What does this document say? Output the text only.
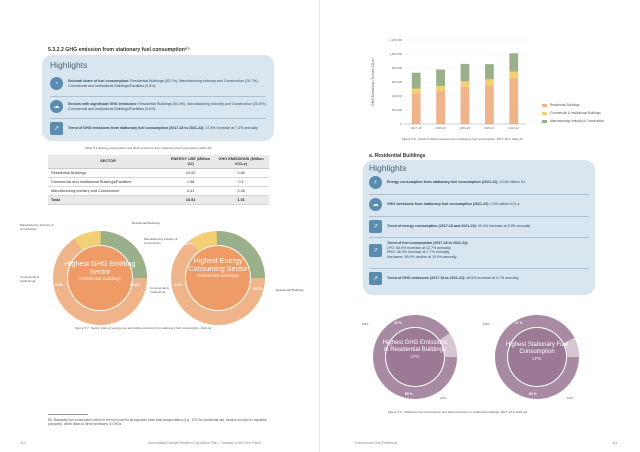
5.3.2.2 GHG emission from stationary fuel consumption⁸⁵
Highlights
◔	Sectoral share of fuel consumption: Residential Buildings (63.7%), Manufacturing Industry and Construction (26.7%), Commercial and Institutional Buildings/Facilities (9.6%)
☁
Sectors with significant GHG emissions: Residential Buildings (64.4%), Manufacturing Industry and Construction (25.8%), Commercial and Institutional Buildings/Facilities (9.6%)
↗	Trend of GHG emissions from stationary fuel consumption (2017-18 to 2021-22): 37.8% increase at 7.4% annually
Table 5.4: Energy consumption and GHG emissions from stationary fuel consumption (2021-22)
SECTOR	ENERGY USE (Million GJ)	GHG EMISSIONS (Million tCO₂e)
Residential Buildings	10.52	0.65
Commercial and Institutional Buildings/Facilities	1.58	0.1
Manufacturing Industry and Construction	4.41	0.26
Total	16.51	1.01
Highest GHG Emitting Sector
Residential Buildings
25.8%
9.6%	64.4%
Manufacturing Industry & Construction
Residential Buildings
Commercial & Institutional
Highest Energy Consuming Sector
Residential Buildings
26.7%
9.6%
63.7%
Manufacturing Industry & Construction
Commercial & Institutional	Residential Buildings
Figure 5.7 : Sector share in energy use and GHG emissions from stationary fuel consumption, 2021-22
85. Stationary fuel consumption refers to the fuel used for all purposes other than transportation (e.g., LPG for residential use, furnace oil used for industrial purposes), which leads to direct emissions of GHGs
110	Ahmedabad Climate Resilient City Action Plan – Towards a Net Zero Future
GHG Emissions (Tonnes CO₂e)
0
200,000
400,000
600,000
800,000
1,000,000
1,200,000
2017-18	2018-19	2019-20	2020-21	2021-22
Residential Buildings
Commercial & Institutional Buildings
Manufacturing Industry & Construction
Figure 5.8 : Trend of GHG emissions from stationary fuel consumption, 2017-18 to 2021-22
a. Residential Buildings
Highlights
⚡	Energy consumption from stationary fuel consumption (2021-22): 10.52 million GJ
☁	GHG emissions from stationary fuel consumption (2021-22): 0.65 million tCO₂e
↗	Trend of energy consumption (2017-18 and 2021-22): 49.4% increase at 9.9% annually
↗
Trend of fuel consumption (2017-18 to 2021-22):
LPG: 63.6% increase at 12.7% annually
PNG: 38.3% increase at 7.7% annually
Kerosene: 99.9% decline at 19.9% annually
↗	Trend of GHG emissions (2017-18 to 2021-22): 48.6% increase at 9.7% annually
Highest GHG Emissions in Residential Buildings
LPG
PNG	15 %
85 %
LPG
Highest Stationary Fuel Consumption
LPG
PNG	17 %
83 %
LPG
Figure 5.9 : Stationary fuel consumption and GHG emissions in residential buildings, 2017-18 to 2021-22
/Greenhouse Gas Emissions	111
